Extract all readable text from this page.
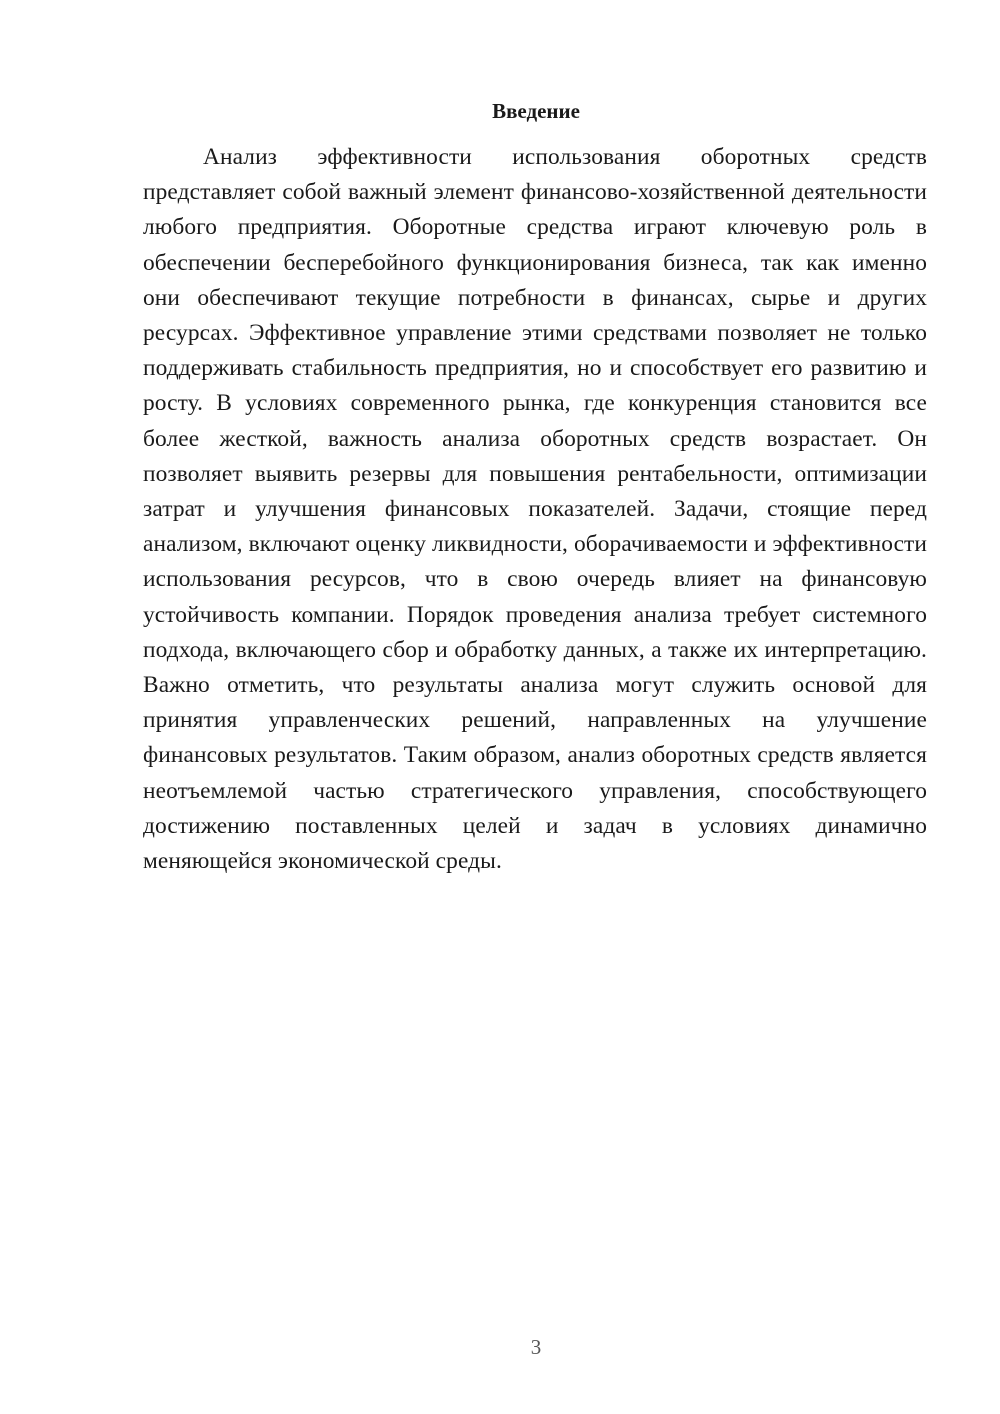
Введение

Анализ эффективности использования оборотных средств представляет собой важный элемент финансово-хозяйственной деятельности любого предприятия. Оборотные средства играют ключевую роль в обеспечении бесперебойного функционирования бизнеса, так как именно они обеспечивают текущие потребности в финансах, сырье и других ресурсах. Эффективное управление этими средствами позволяет не только поддерживать стабильность предприятия, но и способствует его развитию и росту. В условиях современного рынка, где конкуренция становится все более жесткой, важность анализа оборотных средств возрастает. Он позволяет выявить резервы для повышения рентабельности, оптимизации затрат и улучшения финансовых показателей. Задачи, стоящие перед анализом, включают оценку ликвидности, оборачиваемости и эффективности использования ресурсов, что в свою очередь влияет на финансовую устойчивость компании. Порядок проведения анализа требует системного подхода, включающего сбор и обработку данных, а также их интерпретацию. Важно отметить, что результаты анализа могут служить основой для принятия управленческих решений, направленных на улучшение финансовых результатов. Таким образом, анализ оборотных средств является неотъемлемой частью стратегического управления, способствующего достижению поставленных целей и задач в условиях динамично меняющейся экономической среды.

3
